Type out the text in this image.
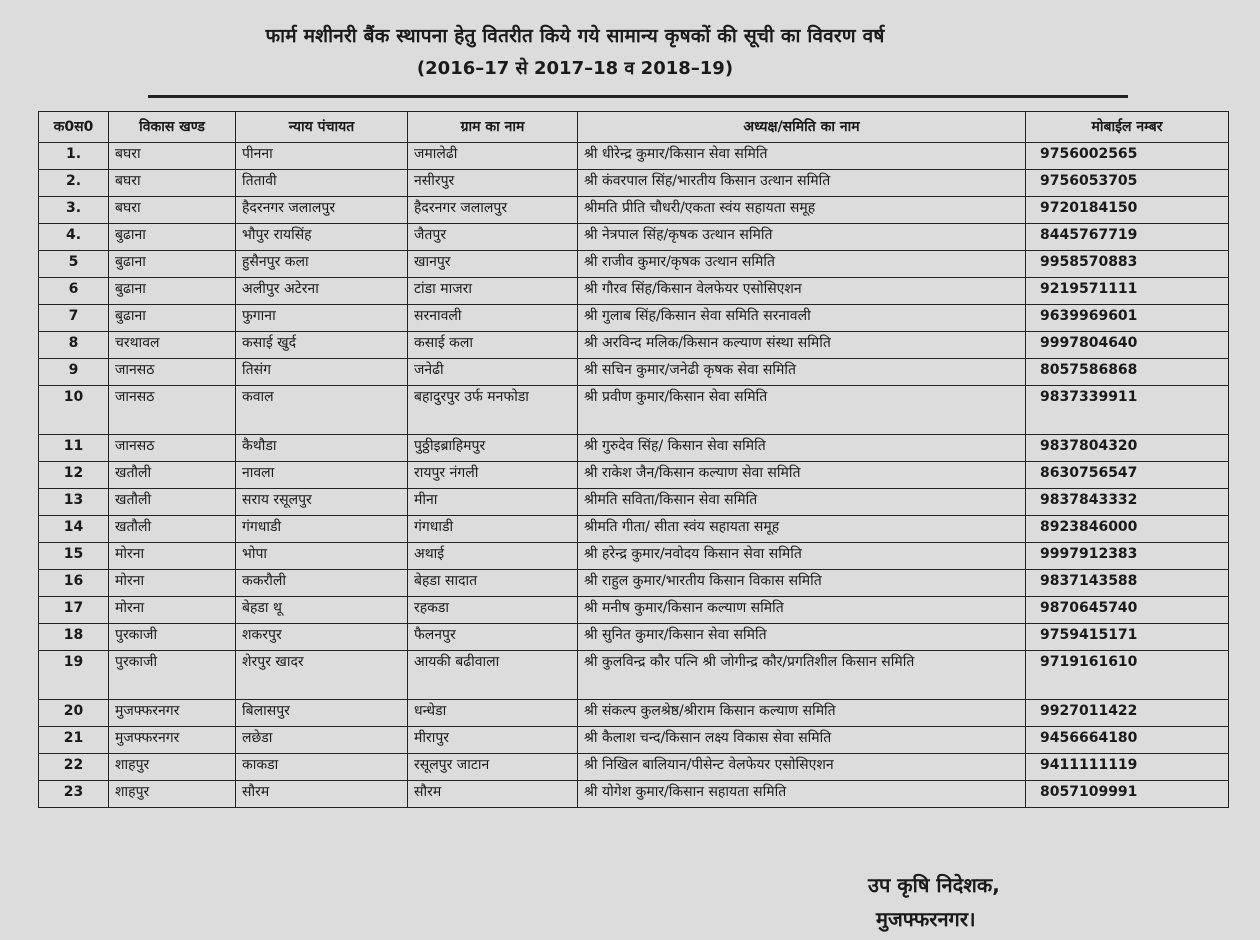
फार्म मशीनरी बैंक स्थापना हेतु वितरीत किये गये सामान्य कृषकों की सूची का विवरण वर्ष
(2016–17 से 2017–18 व 2018–19)
क0स0	विकास खण्ड	न्याय पंचायत	ग्राम का नाम	अध्यक्ष/समिति का नाम	मोबाईल नम्बर
1.	बघरा	पीनना	जमालेढी	श्री धीरेन्द्र कुमार/किसान सेवा समिति	9756002565
2.	बघरा	तितावी	नसीरपुर	श्री कंवरपाल सिंह/भारतीय किसान उत्थान समिति	9756053705
3.	बघरा	हैदरनगर जलालपुर	हैदरनगर जलालपुर	श्रीमति प्रीति चौधरी/एकता स्वंय सहायता समूह	9720184150
4.	बुढाना	भौपुर रायसिंह	जैतपुर	श्री नेत्रपाल सिंह/कृषक उत्थान समिति	8445767719
5	बुढाना	हुसैनपुर कला	खानपुर	श्री राजीव कुमार/कृषक उत्थान समिति	9958570883
6	बुढाना	अलीपुर अटेरना	टांडा माजरा	श्री गौरव सिंह/किसान वेलफेयर एसोसिएशन	9219571111
7	बुढाना	फुगाना	सरनावली	श्री गुलाब सिंह/किसान सेवा समिति सरनावली	9639969601
8	चरथावल	कसाई खुर्द	कसाई कला	श्री अरविन्द मलिक/किसान कल्याण संस्था समिति	9997804640
9	जानसठ	तिसंग	जनेढी	श्री सचिन कुमार/जनेढी कृषक सेवा समिति	8057586868
10	जानसठ	कवाल	बहादुरपुर उर्फ मनफोडा	श्री प्रवीण कुमार/किसान सेवा समिति	9837339911
11	जानसठ	कैथौडा	पुठ्ठीइब्राहिमपुर	श्री गुरुदेव सिंह/ किसान सेवा समिति	9837804320
12	खतौली	नावला	रायपुर नंगली	श्री राकेश जैन/किसान कल्याण सेवा समिति	8630756547
13	खतौली	सराय रसूलपुर	मीना	श्रीमति सविता/किसान सेवा समिति	9837843332
14	खतौली	गंगधाडी	गंगधाडी	श्रीमति गीता/ सीता स्वंय सहायता समूह	8923846000
15	मोरना	भोपा	अथाई	श्री हरेन्द्र कुमार/नवोदय किसान सेवा समिति	9997912383
16	मोरना	ककरौली	बेहडा सादात	श्री राहुल कुमार/भारतीय किसान विकास समिति	9837143588
17	मोरना	बेहडा थू	रहकडा	श्री मनीष कुमार/किसान कल्याण समिति	9870645740
18	पुरकाजी	शकरपुर	फैलनपुर	श्री सुनित कुमार/किसान सेवा समिति	9759415171
19	पुरकाजी	शेरपुर खादर	आयकी बढीवाला	श्री कुलविन्द्र कौर पत्नि श्री जोगीन्द्र कौर/प्रगतिशील किसान समिति	9719161610
20	मुजफ्फरनगर	बिलासपुर	धन्धेडा	श्री संकल्प कुलश्रेष्ठ/श्रीराम किसान कल्याण समिति	9927011422
21	मुजफ्फरनगर	लछेडा	मीरापुर	श्री कैलाश चन्द/किसान लक्ष्य विकास सेवा समिति	9456664180
22	शाहपुर	काकडा	रसूलपुर जाटान	श्री निखिल बालियान/पीसेन्ट वेलफेयर एसोसिएशन	9411111119
23	शाहपुर	सौरम	सौरम	श्री योगेश कुमार/किसान सहायता समिति	8057109991
उप कृषि निदेशक,
मुजफ्फरनगर।
